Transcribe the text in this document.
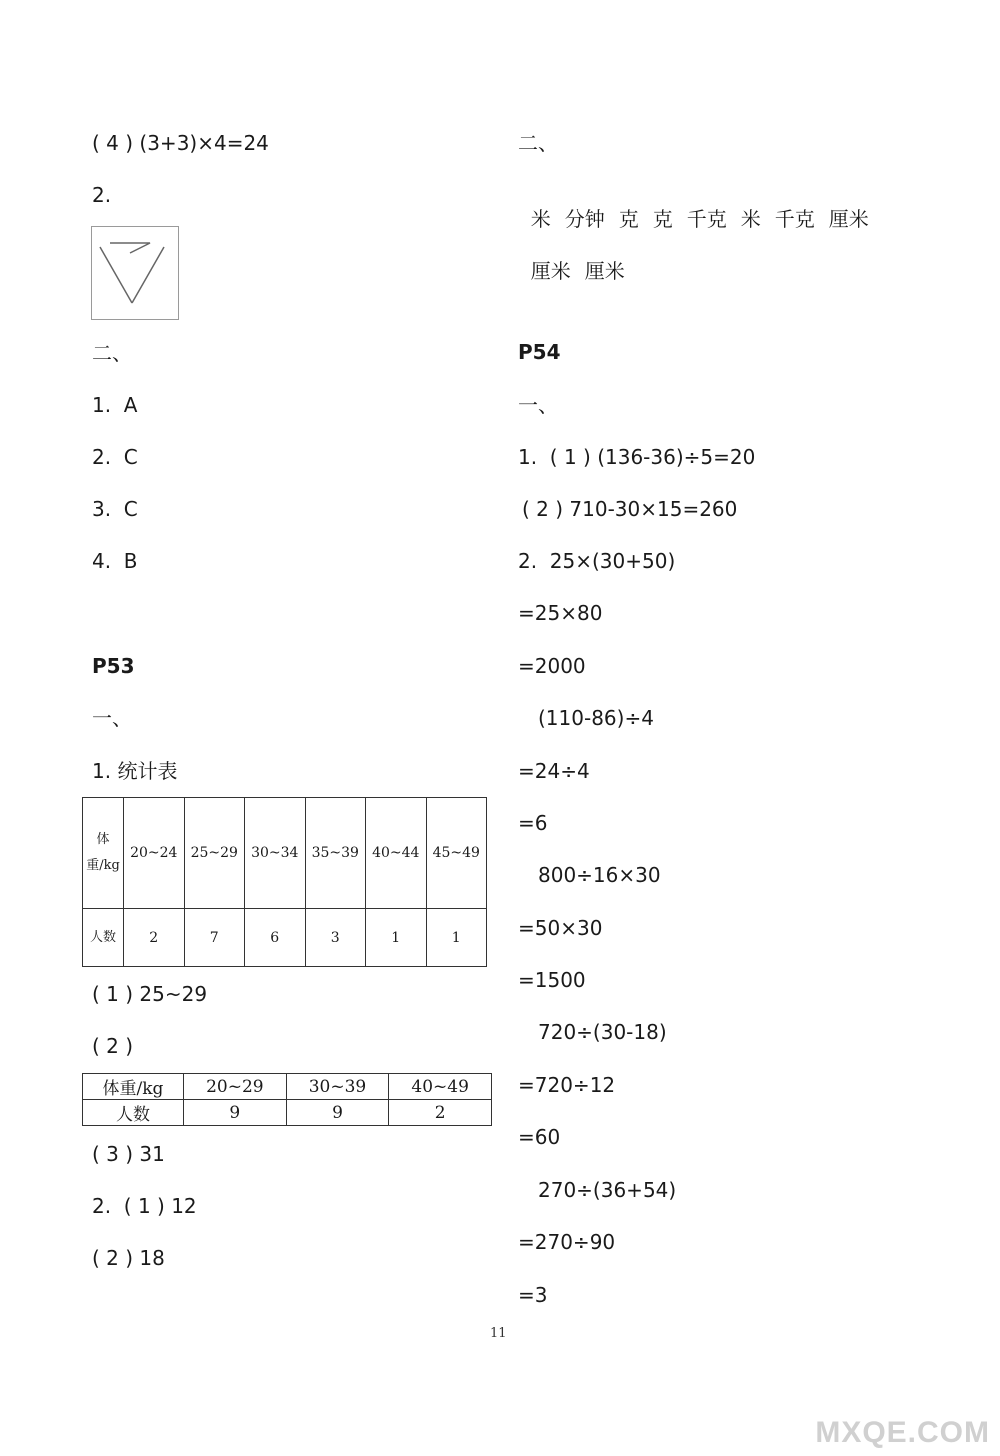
( 4 ) (3+3)×4=24
2.
二、
1.  A
2.  C
3.  C
4.  B
P53
一、
1. 统计表
体重/kg	20~24	25~29	30~34	35~39	40~44	45~49
人数	2	7	6	3	1	1
( 1 ) 25~29
( 2 )
体重/kg	20~29	30~39	40~49
人数	9	9	2
( 3 ) 31
2.  ( 1 ) 12
( 2 ) 18
二、

米 分钟 克 克 千克 米 千克 厘米

厘米 厘米

P54
一、
1.  ( 1 ) (136-36)÷5=20
( 2 ) 710-30×15=260
2.  25×(30+50)
=25×80
=2000
(110-86)÷4
=24÷4
=6
800÷16×30
=50×30
=1500
720÷(30-18)
=720÷12
=60
270÷(36+54)
=270÷90
=3
11
MXQE.COM
